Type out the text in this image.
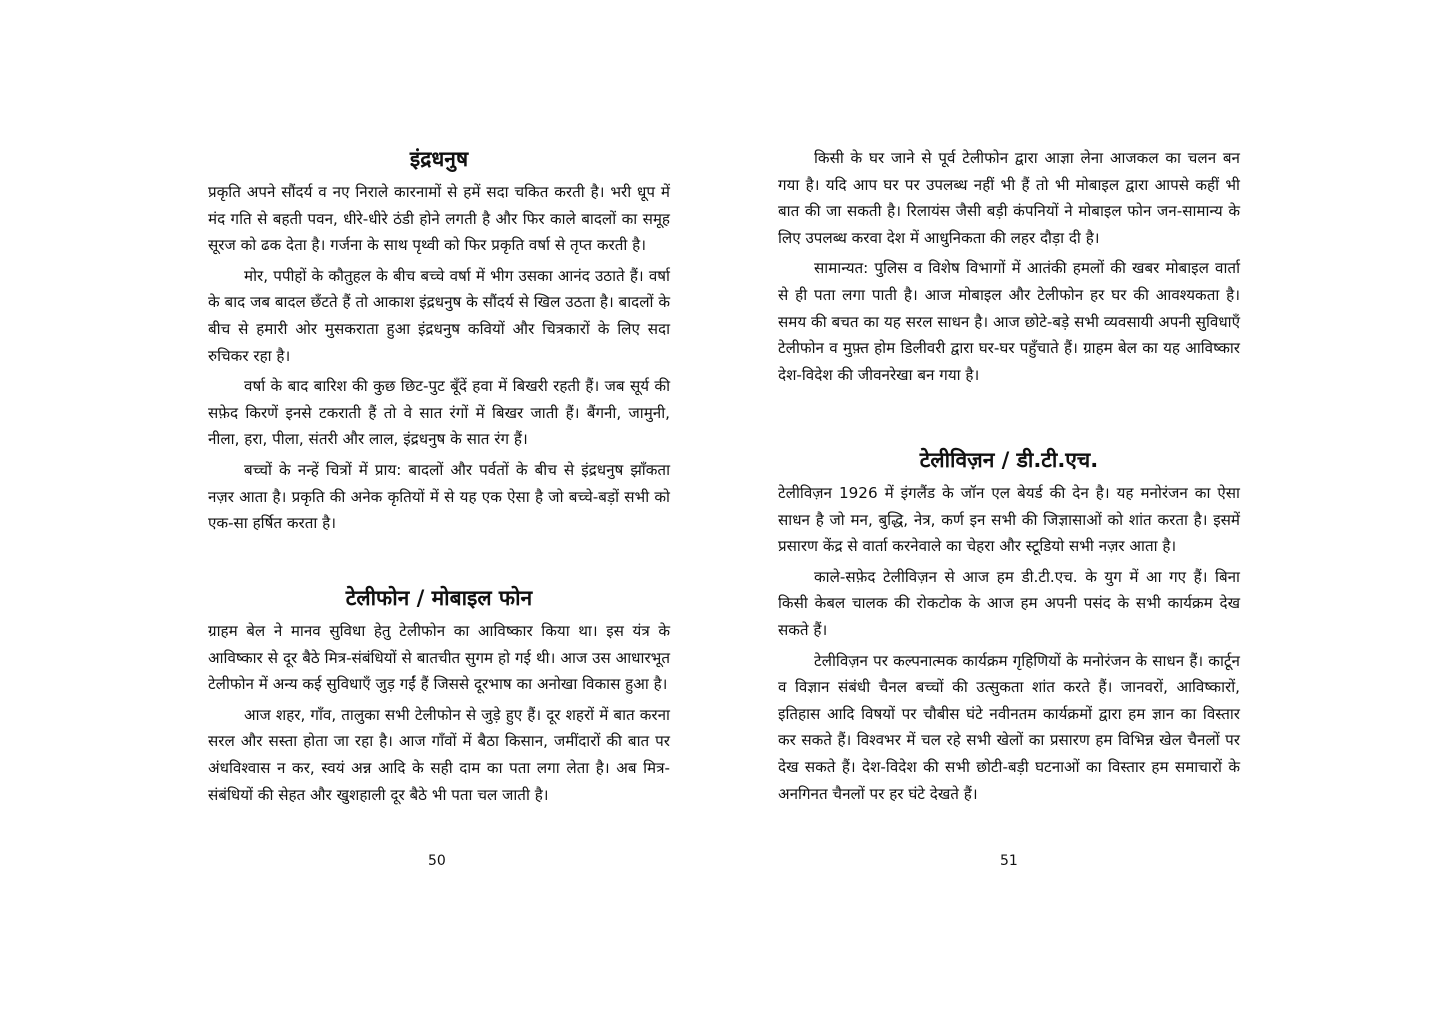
इंद्रधनुष

प्रकृति अपने सौंदर्य व नए निराले कारनामों से हमें सदा चकित करती है। भरी धूप में मंद गति से बहती पवन, धीरे-धीरे ठंडी होने लगती है और फिर काले बादलों का समूह सूरज को ढक देता है। गर्जना के साथ पृथ्वी को फिर प्रकृति वर्षा से तृप्त करती है।

मोर, पपीहों के कौतुहल के बीच बच्चे वर्षा में भीग उसका आनंद उठाते हैं। वर्षा के बाद जब बादल छँटते हैं तो आकाश इंद्रधनुष के सौंदर्य से खिल उठता है। बादलों के बीच से हमारी ओर मुसकराता हुआ इंद्रधनुष कवियों और चित्रकारों के लिए सदा रुचिकर रहा है।

वर्षा के बाद बारिश की कुछ छिट-पुट बूँदें हवा में बिखरी रहती हैं। जब सूर्य की सफ़ेद किरणें इनसे टकराती हैं तो वे सात रंगों में बिखर जाती हैं। बैंगनी, जामुनी, नीला, हरा, पीला, संतरी और लाल, इंद्रधनुष के सात रंग हैं।

बच्चों के नन्हें चित्रों में प्राय: बादलों और पर्वतों के बीच से इंद्रधनुष झाँकता नज़र आता है। प्रकृति की अनेक कृतियों में से यह एक ऐसा है जो बच्चे-बड़ों सभी को एक-सा हर्षित करता है।

टेलीफोन / मोबाइल फोन

ग्राहम बेल ने मानव सुविधा हेतु टेलीफोन का आविष्कार किया था। इस यंत्र के आविष्कार से दूर बैठे मित्र-संबंधियों से बातचीत सुगम हो गई थी। आज उस आधारभूत टेलीफोन में अन्य कई सुविधाएँ जुड़ गईं हैं जिससे दूरभाष का अनोखा विकास हुआ है।

आज शहर, गाँव, तालुका सभी टेलीफोन से जुड़े हुए हैं। दूर शहरों में बात करना सरल और सस्ता होता जा रहा है। आज गाँवों में बैठा किसान, जमींदारों की बात पर अंधविश्वास न कर, स्वयं अन्न आदि के सही दाम का पता लगा लेता है। अब मित्र-संबंधियों की सेहत और खुशहाली दूर बैठे भी पता चल जाती है।

50

किसी के घर जाने से पूर्व टेलीफोन द्वारा आज्ञा लेना आजकल का चलन बन गया है। यदि आप घर पर उपलब्ध नहीं भी हैं तो भी मोबाइल द्वारा आपसे कहीं भी बात की जा सकती है। रिलायंस जैसी बड़ी कंपनियों ने मोबाइल फोन जन-सामान्य के लिए उपलब्ध करवा देश में आधुनिकता की लहर दौड़ा दी है।

सामान्यत: पुलिस व विशेष विभागों में आतंकी हमलों की खबर मोबाइल वार्ता से ही पता लगा पाती है। आज मोबाइल और टेलीफोन हर घर की आवश्यकता है। समय की बचत का यह सरल साधन है। आज छोटे-बड़े सभी व्यवसायी अपनी सुविधाएँ टेलीफोन व मुफ़्त होम डिलीवरी द्वारा घर-घर पहुँचाते हैं। ग्राहम बेल का यह आविष्कार देश-विदेश की जीवनरेखा बन गया है।

टेलीविज़न / डी.टी.एच.

टेलीविज़न 1926 में इंगलैंड के जॉन एल बेयर्ड की देन है। यह मनोरंजन का ऐसा साधन है जो मन, बुद्धि, नेत्र, कर्ण इन सभी की जिज्ञासाओं को शांत करता है। इसमें प्रसारण केंद्र से वार्ता करनेवाले का चेहरा और स्टूडियो सभी नज़र आता है।

काले-सफ़ेद टेलीविज़न से आज हम डी.टी.एच. के युग में आ गए हैं। बिना किसी केबल चालक की रोकटोक के आज हम अपनी पसंद के सभी कार्यक्रम देख सकते हैं।

टेलीविज़न पर कल्पनात्मक कार्यक्रम गृहिणियों के मनोरंजन के साधन हैं। कार्टून व विज्ञान संबंधी चैनल बच्चों की उत्सुकता शांत करते हैं। जानवरों, आविष्कारों, इतिहास आदि विषयों पर चौबीस घंटे नवीनतम कार्यक्रमों द्वारा हम ज्ञान का विस्तार कर सकते हैं। विश्वभर में चल रहे सभी खेलों का प्रसारण हम विभिन्न खेल चैनलों पर देख सकते हैं। देश-विदेश की सभी छोटी-बड़ी घटनाओं का विस्तार हम समाचारों के अनगिनत चैनलों पर हर घंटे देखते हैं।

51
